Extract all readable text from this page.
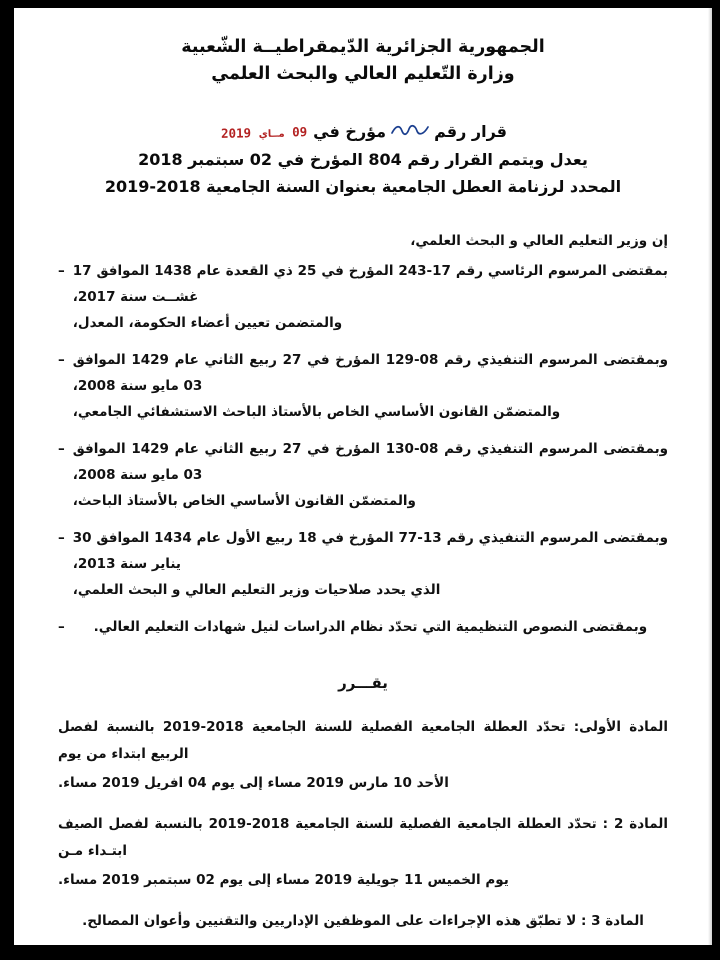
الجمهورية الجزائرية الدّيمقراطيــة الشّعبية
وزارة التّعليم العالي والبحث العلمي
قرار رقم
مؤرخ في
09 مــاي 2019
يعدل ويتمم القرار رقم 804 المؤرخ في 02 سبتمبر 2018
المحدد لرزنامة العطل الجامعية بعنوان السنة الجامعية 2018-2019
إن وزير التعليم العالي و البحث العلمي،
– بمقتضى المرسوم الرئاسي رقم 17-243 المؤرخ في 25 ذي القعدة عام 1438 الموافق 17 غشــت سنة 2017،
والمتضمن تعيين أعضاء الحكومة، المعدل،
– وبمقتضى المرسوم التنفيذي رقم 08-129 المؤرخ في 27 ربيع الثاني عام 1429 الموافق 03 مايو سنة 2008،
والمتضمّن القانون الأساسي الخاص بالأستاذ الباحث الاستشفائي الجامعي،
– وبمقتضى المرسوم التنفيذي رقم 08-130 المؤرخ في 27 ربيع الثاني عام 1429 الموافق 03 مايو سنة 2008،
والمتضمّن القانون الأساسي الخاص بالأستاذ الباحث،
– وبمقتضى المرسوم التنفيذي رقم 13-77 المؤرخ في 18 ربيع الأول عام 1434 الموافق 30 يناير سنة 2013،
الذي يحدد صلاحيات وزير التعليم العالي و البحث العلمي،
–	وبمقتضى النصوص التنظيمية التي تحدّد نظام الدراسات لنيل شهادات التعليم العالي.
يقـــرر
المادة الأولى: تحدّد العطلة الجامعية الفصلية للسنة الجامعية 2018-2019 بالنسبة لفصل الربيع ابتداء من يوم
الأحد 10 مارس 2019 مساء إلى يوم 04 افريل 2019 مساء.
المادة 2 : تحدّد العطلة الجامعية الفصلية للسنة الجامعية 2018-2019 بالنسبة لفصل الصيف ابتـداء مـن
يوم الخميس 11 جويلية 2019 مساء إلى يوم 02 سبتمبر 2019 مساء.
المادة 3 : لا تطبّق هذه الإجراءات على الموظفين الإداريين والتقنيين وأعوان المصالح.
